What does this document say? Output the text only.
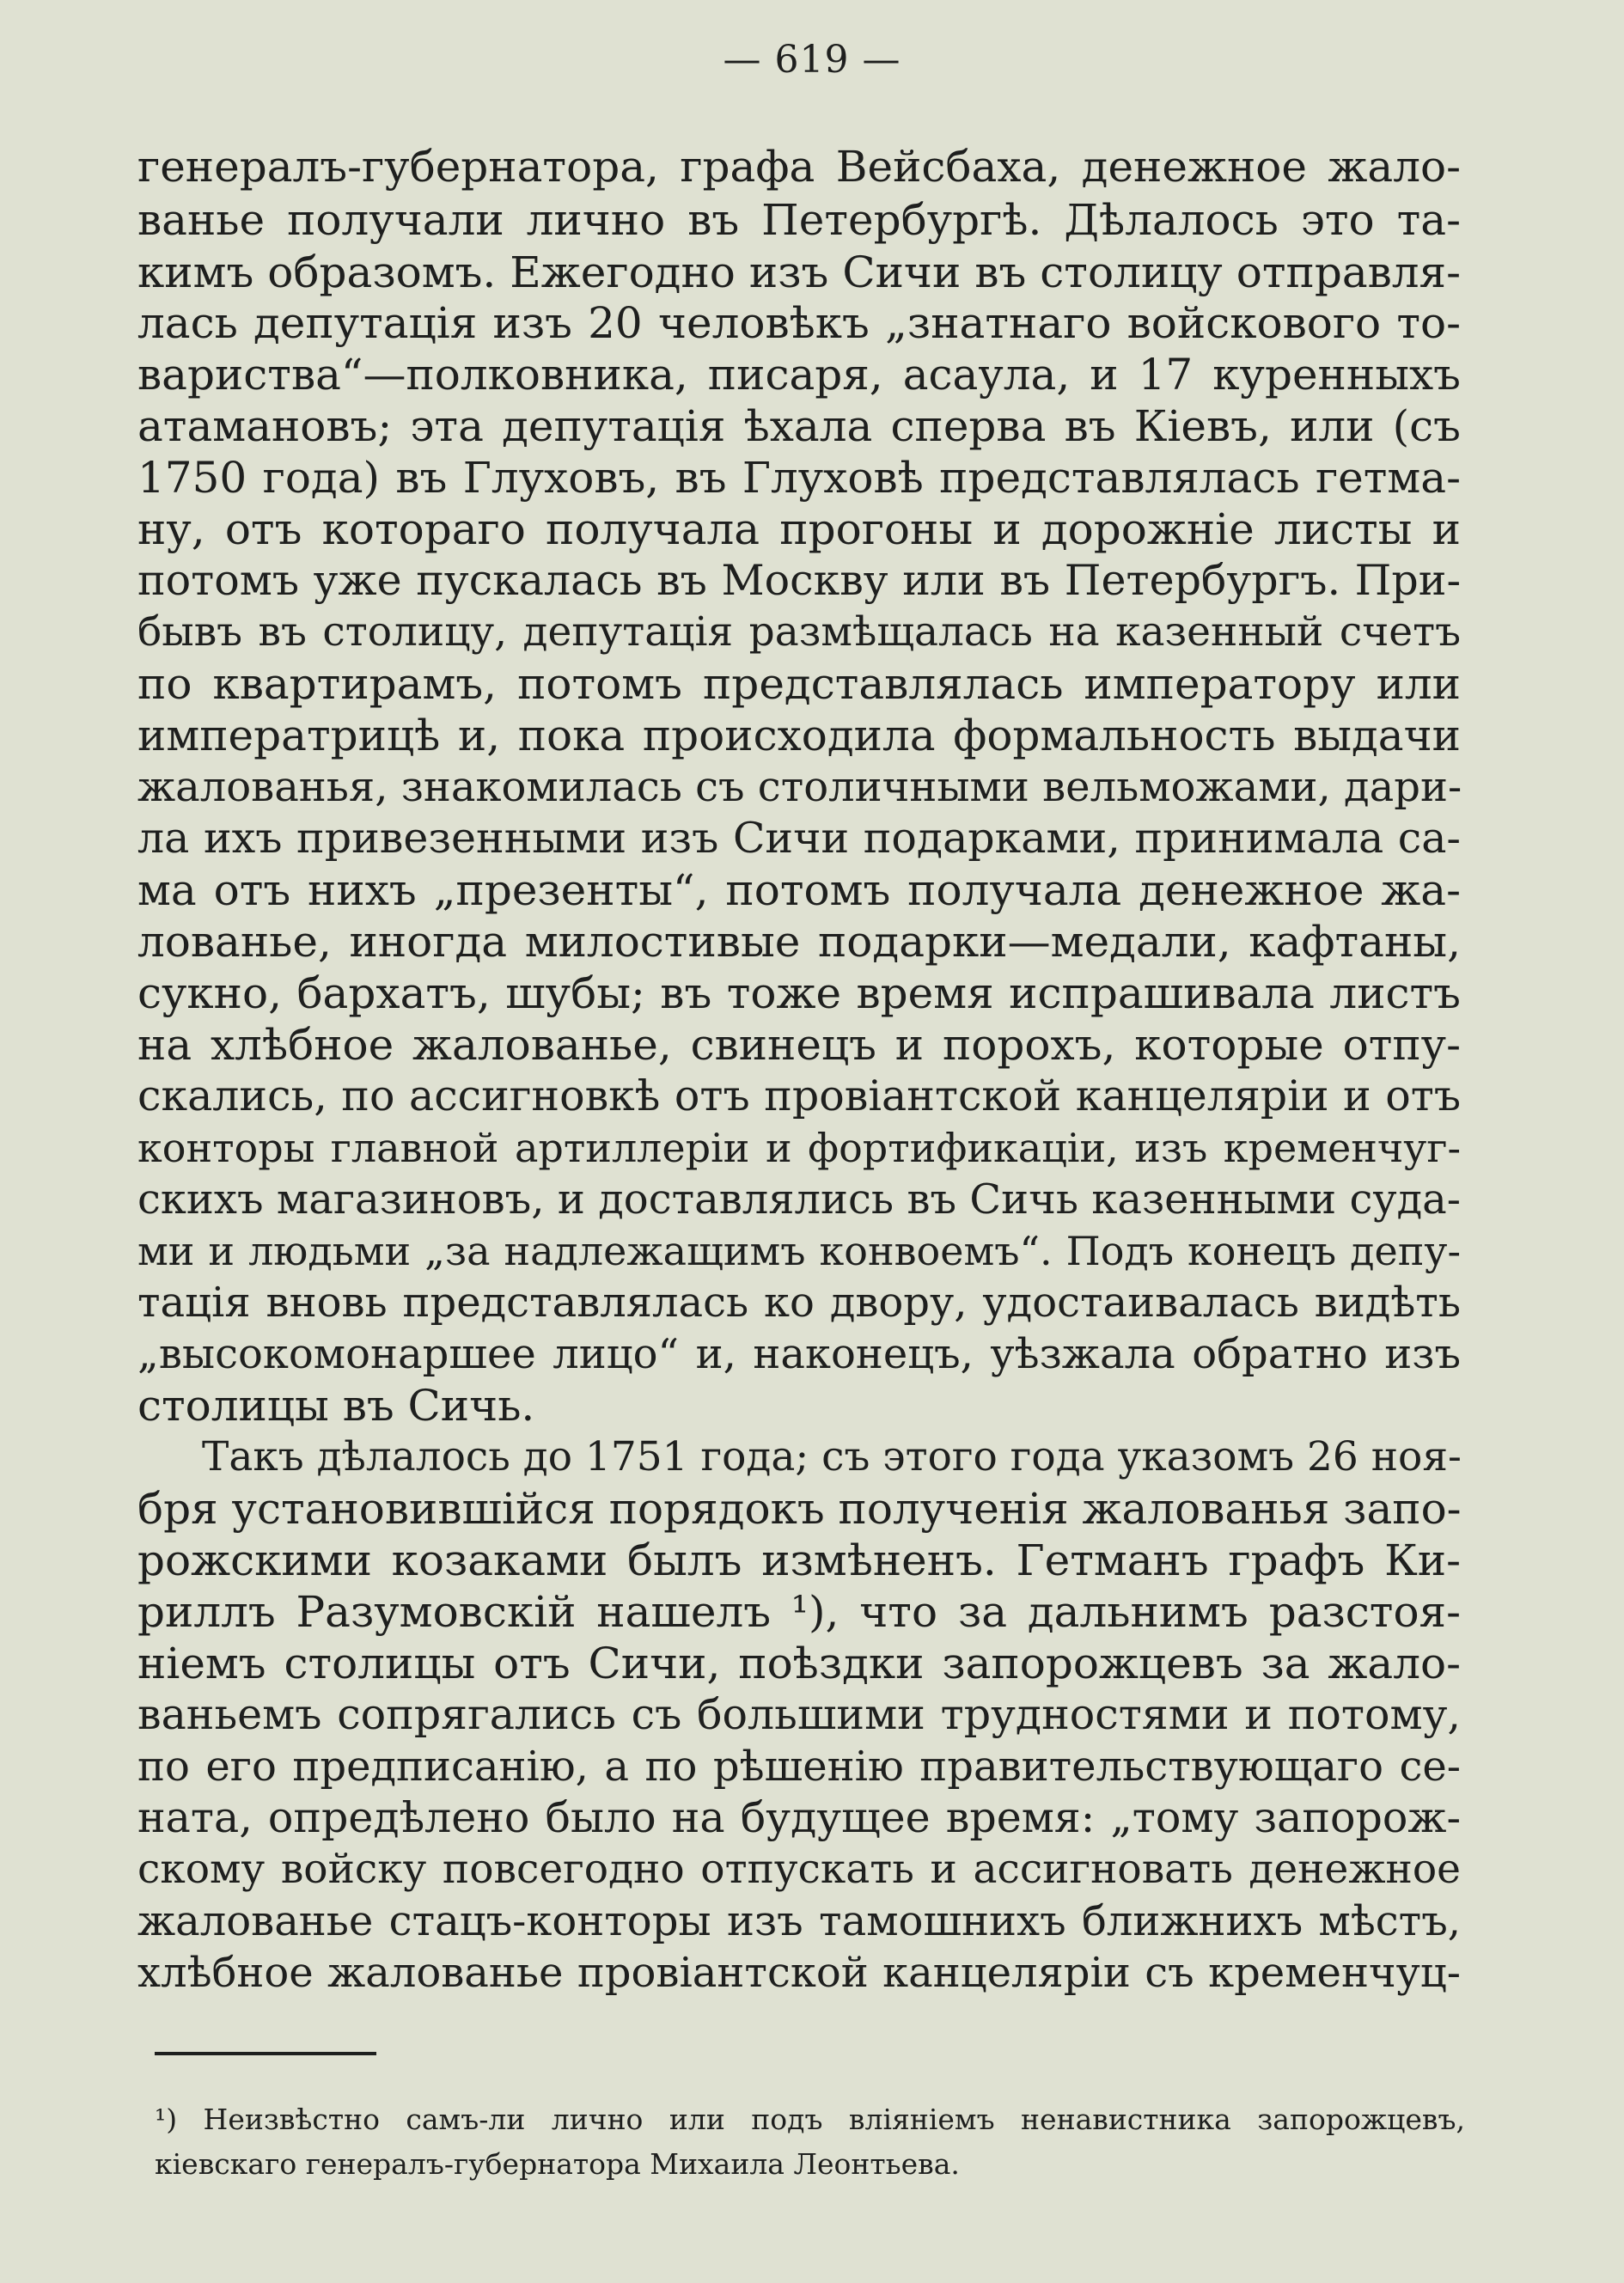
— 619 —
генералъ-губернатора, графа Вейсбаха, денежное жало-
ванье получали лично въ Петербургѣ. Дѣлалось это та-
кимъ образомъ. Ежегодно изъ Сичи въ столицу отправля-
лась депутація изъ 20 человѣкъ „знатнаго войскового то-
вариства“—полковника, писаря, асаула, и 17 куренныхъ
атамановъ; эта депутація ѣхала сперва въ Кіевъ, или (съ
1750 года) въ Глуховъ, въ Глуховѣ представлялась гетма-
ну, отъ котораго получала прогоны и дорожніе листы и
потомъ уже пускалась въ Москву или въ Петербургъ. При-
бывъ въ столицу, депутація размѣщалась на казенный счетъ
по квартирамъ, потомъ представлялась императору или
императрицѣ и, пока происходила формальность выдачи
жалованья, знакомилась съ столичными вельможами, дари-
ла ихъ привезенными изъ Сичи подарками, принимала са-
ма отъ нихъ „презенты“, потомъ получала денежное жа-
лованье, иногда милостивые подарки—медали, кафтаны,
сукно, бархатъ, шубы; въ тоже время испрашивала листъ
на хлѣбное жалованье, свинецъ и порохъ, которые отпу-
скались, по ассигновкѣ отъ провіантской канцеляріи и отъ
конторы главной артиллеріи и фортификаціи, изъ кременчуг-
скихъ магазиновъ, и доставлялись въ Сичь казенными суда-
ми и людьми „за надлежащимъ конвоемъ“. Подъ конецъ депу-
тація вновь представлялась ко двору, удостаивалась видѣть
„высокомонаршее лицо“ и, наконецъ, уѣзжала обратно изъ
столицы въ Сичь.
Такъ дѣлалось до 1751 года; съ этого года указомъ 26 ноя-
бря установившійся порядокъ полученія жалованья запо-
рожскими козаками былъ измѣненъ. Гетманъ графъ Ки-
риллъ Разумовскій нашелъ ¹), что за дальнимъ разстоя-
ніемъ столицы отъ Сичи, поѣздки запорожцевъ за жало-
ваньемъ сопрягались съ большими трудностями и потому,
по его предписанію, а по рѣшенію правительствующаго се-
ната, опредѣлено было на будущее время: „тому запорож-
скому войску повсегодно отпускать и ассигновать денежное
жалованье стацъ-конторы изъ тамошнихъ ближнихъ мѣстъ,
хлѣбное жалованье провіантской канцеляріи съ кременчуц-
¹) Неизвѣстно самъ-ли лично или подъ вліяніемъ ненавистника запорожцевъ,
кіевскаго генералъ-губернатора Михаила Леонтьева.
